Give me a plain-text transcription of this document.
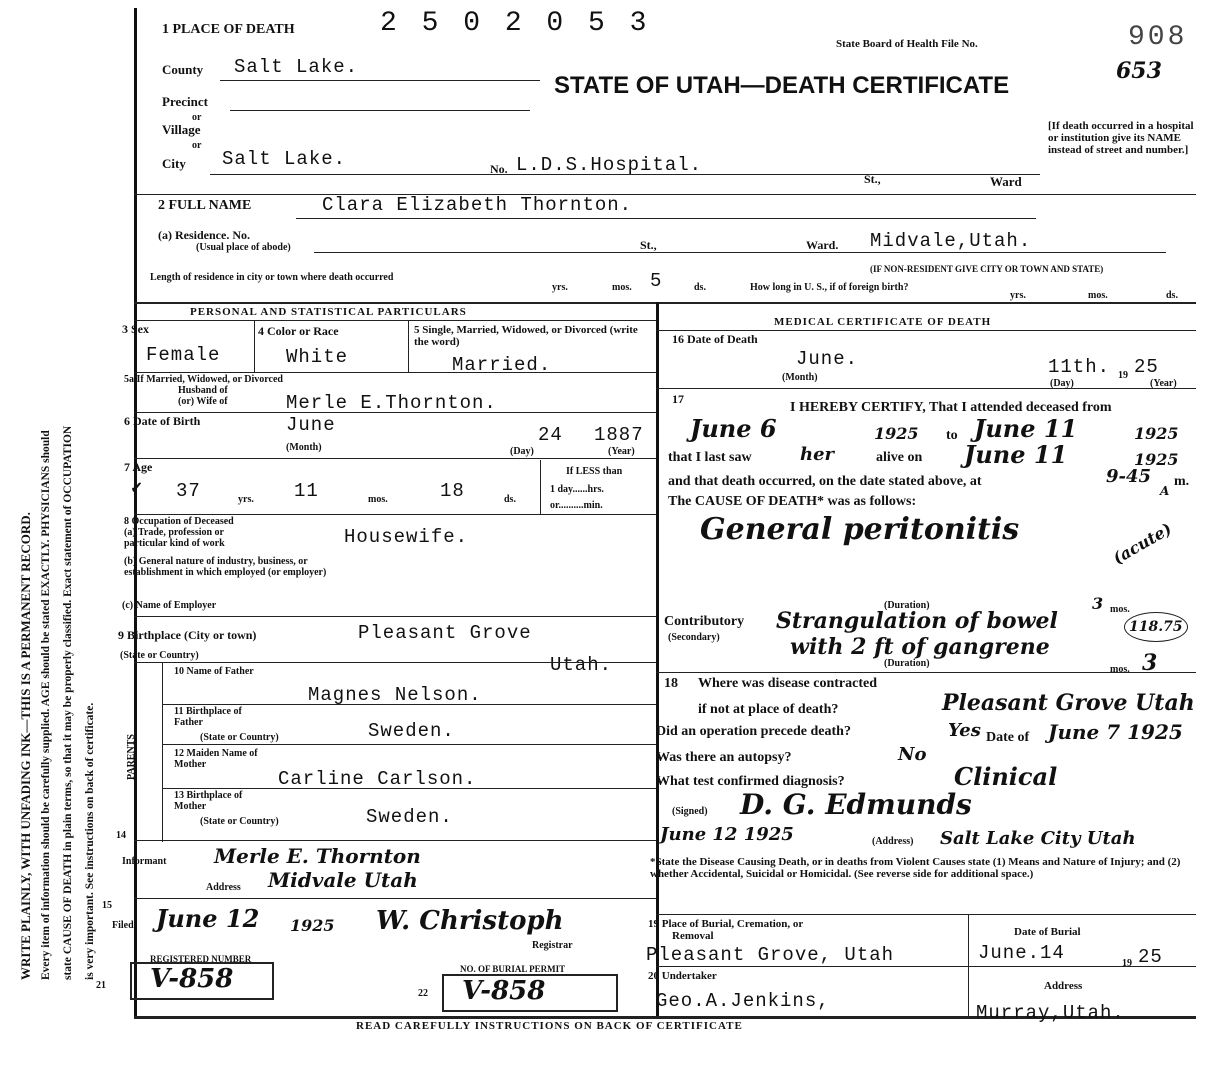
WRITE PLAINLY, WITH UNFADING INK—THIS IS A PERMANENT RECORD. Every item of information should be carefully supplied. AGE should be stated EXACTLY. PHYSICIANS should state CAUSE OF DEATH in plain terms, so that it may be properly classified. Exact statement of OCCUPATION is very important. See instructions on back of certificate.
1 PLACE OF DEATH	2 5 0 2 0 5 3
State Board of Health File No.	908
653
STATE OF UTAH—DEATH CERTIFICATE
[If death occurred in a hospital or institution give its NAME instead of street and number.]
County Salt Lake.
Precinct
or
Village
or
City Salt Lake.	No. L.D.S.Hospital.
St.,	Ward
2 FULL NAME	Clara Elizabeth Thornton.
(a) Residence. No.
(Usual place of abode)	St.,	Ward. Midvale,Utah.
(IF NON-RESIDENT GIVE CITY OR TOWN AND STATE)
Length of residence in city or town where death occurred
yrs.	mos. 5	ds.	How long in U. S., if of foreign birth?
yrs.	mos.	ds.
PERSONAL AND STATISTICAL PARTICULARS
3 Sex
Female
4 Color or Race
White
5 Single, Married, Widowed, or Divorced (write the word)
Married.
5a If Married, Widowed, or Divorced
Husband of
(or) Wife of	Merle E.Thornton.
6 Date of Birth	June	24 1887
(Month)	(Day)	(Year)
7 Age
✓ 37	yrs. 11	mos.	18	ds.
If LESS than
1 day......hrs.
or..........min.
8 Occupation of Deceased
(a) Trade, profession or
particular kind of work	Housewife.
(b) General nature of industry, business, or establishment in which employed (or employer)
(c) Name of Employer
9 Birthplace (City or town)	Pleasant Grove
(State or Country)	Utah.
PARENTS
10 Name of Father
Magnes Nelson.
11 Birthplace of Father
(State or Country)	Sweden.
12 Maiden Name of Mother
Carline Carlson.
13 Birthplace of Mother
(State or Country)	Sweden.
14
Informant Merle E. Thornton
Address Midvale Utah
15
Filed June 12 1925 W. Christoph
Registrar
REGISTERED NUMBER
21 V-858	NO. OF BURIAL PERMIT
22 V-858
MEDICAL CERTIFICATE OF DEATH
16 Date of Death
June.	11th. 19 25
(Month)
(Day)	(Year)
17
I HEREBY CERTIFY, That I attended deceased from
June 6	1925 to June 11	1925
that I last saw	her	alive on June 11	1925
and that death occurred, on the date stated above, at	9-45
A
m.
The CAUSE OF DEATH* was as follows:
General peritonitis	(acute)
(Duration)	3 mos.
Contributory
(Secondary)
Strangulation of bowel
with 2 ft of gangrene
118.75
(Duration)	3
mos.
18 Where was disease contracted
if not at place of death?	Pleasant Grove Utah
Did an operation precede death?	Yes Date of June 7 1925
Was there an autopsy?	No
What test confirmed diagnosis?	Clinical
(Signed) D. G. Edmunds
June 12 1925	(Address) Salt Lake City Utah
*State the Disease Causing Death, or in deaths from Violent Causes state (1) Means and Nature of Injury; and (2) whether Accidental, Suicidal or Homicidal. (See reverse side for additional space.)
19 Place of Burial, Cremation, or
Removal
Pleasant Grove, Utah
Date of Burial
June.14	19 25
20 Undertaker
Geo.A.Jenkins,
Address
Murray,Utah.
READ CAREFULLY INSTRUCTIONS ON BACK OF CERTIFICATE
